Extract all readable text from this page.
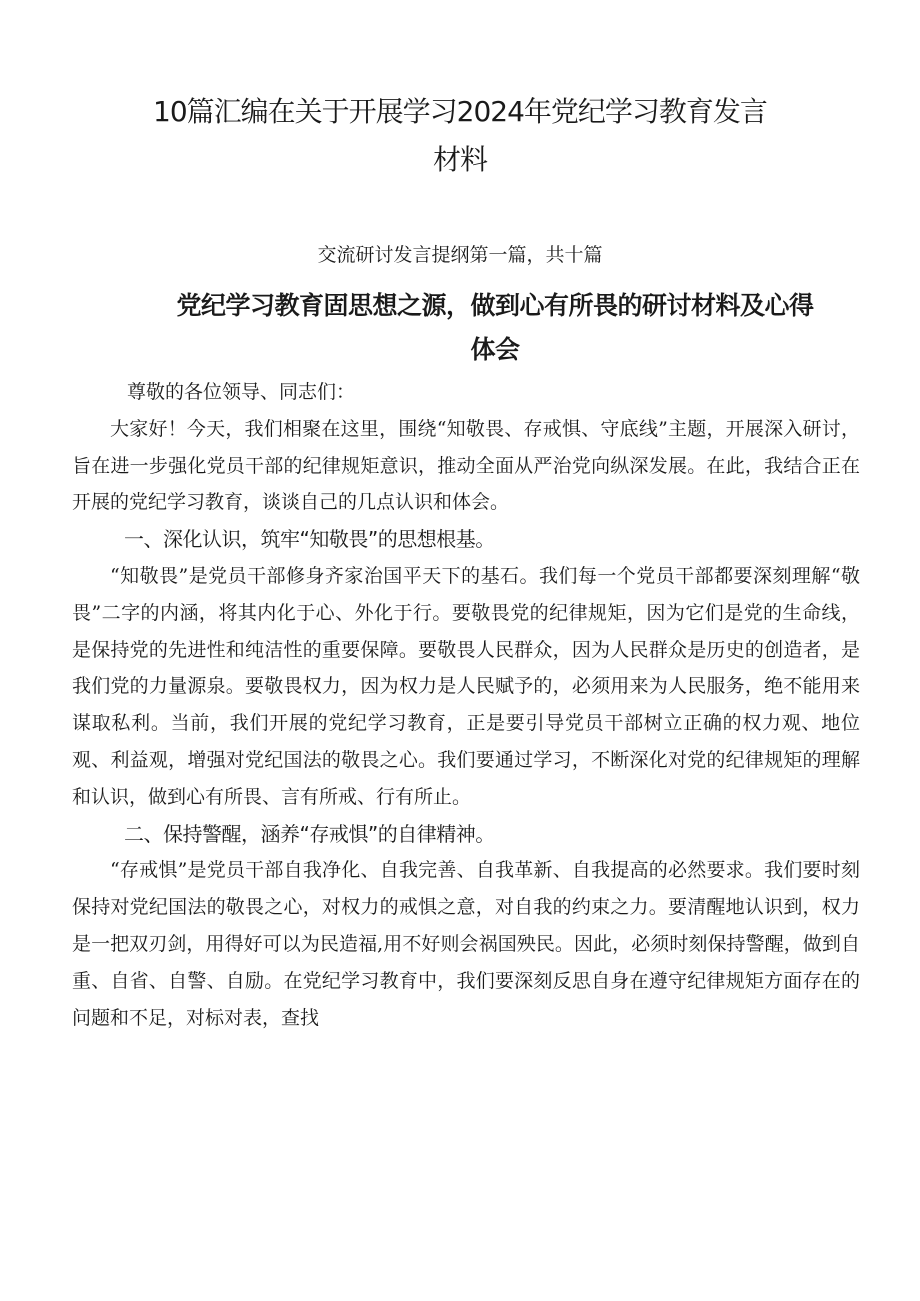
10篇汇编在关于开展学习2024年党纪学习教育发言
材料

交流研讨发言提纲第一篇，共十篇

党纪学习教育固思想之源，做到心有所畏的研讨材料及心得
体会

尊敬的各位领导、同志们：

大家好！今天，我们相聚在这里，围绕“知敬畏、存戒惧、守底线”主题，开展深入研讨，旨在进一步强化党员干部的纪律规矩意识，推动全面从严治党向纵深发展。在此，我结合正在开展的党纪学习教育，谈谈自己的几点认识和体会。

一、深化认识，筑牢“知敬畏”的思想根基。

“知敬畏”是党员干部修身齐家治国平天下的基石。我们每一个党员干部都要深刻理解“敬畏”二字的内涵，将其内化于心、外化于行。要敬畏党的纪律规矩，因为它们是党的生命线，是保持党的先进性和纯洁性的重要保障。要敬畏人民群众，因为人民群众是历史的创造者，是我们党的力量源泉。要敬畏权力，因为权力是人民赋予的，必须用来为人民服务，绝不能用来谋取私利。当前，我们开展的党纪学习教育，正是要引导党员干部树立正确的权力观、地位观、利益观，增强对党纪国法的敬畏之心。我们要通过学习，不断深化对党的纪律规矩的理解和认识，做到心有所畏、言有所戒、行有所止。

二、保持警醒，涵养“存戒惧”的自律精神。

“存戒惧”是党员干部自我净化、自我完善、自我革新、自我提高的必然要求。我们要时刻保持对党纪国法的敬畏之心，对权力的戒惧之意，对自我的约束之力。要清醒地认识到，权力是一把双刃剑，用得好可以为民造福,用不好则会祸国殃民。因此，必须时刻保持警醒，做到自重、自省、自警、自励。在党纪学习教育中，我们要深刻反思自身在遵守纪律规矩方面存在的问题和不足，对标对表，查找
